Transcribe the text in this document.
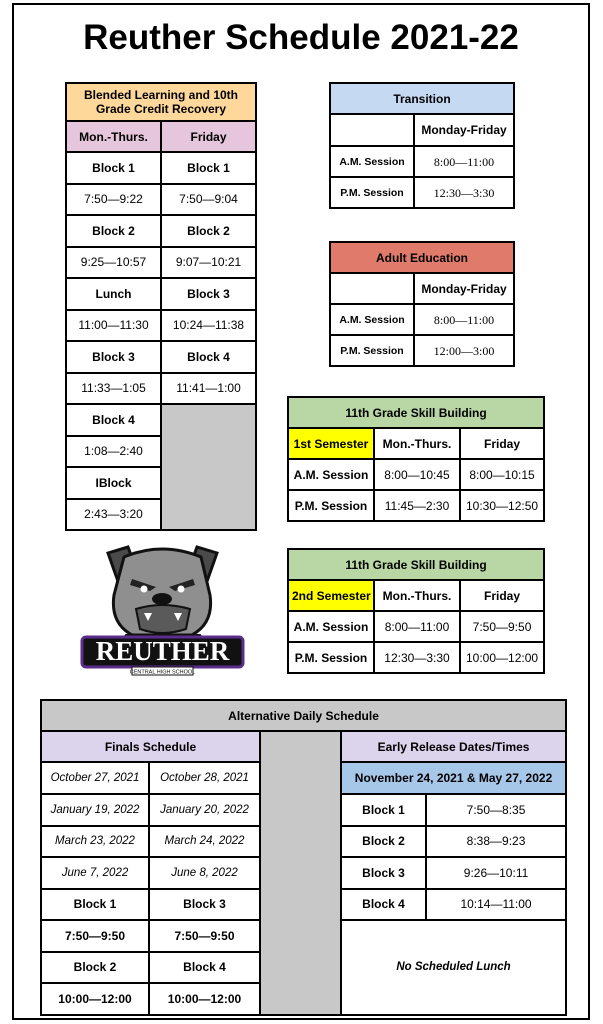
Reuther Schedule 2021-22
Blended Learning and 10th Grade Credit Recovery	
Mon.-Thurs.	Friday
Block 1	Block 1
7:50—9:22	7:50—9:04
Block 2	Block 2
9:25—10:57	9:07—10:21
Lunch	Block 3
11:00—11:30	10:24—11:38
Block 3	Block 4
11:33—1:05	11:41—1:00
Block 4	
1:08—2:40	
IBlock	
2:43—3:20	
Transition	
	Monday-Friday
A.M. Session	8:00—11:00
P.M. Session	12:30—3:30
Adult Education	
	Monday-Friday
A.M. Session	8:00—11:00
P.M. Session	12:00—3:00
11th Grade Skill Building		
1st Semester	Mon.-Thurs.	Friday
A.M. Session	8:00—10:45	8:00—10:15
P.M. Session	11:45—2:30	10:30—12:50
11th Grade Skill Building		
2nd Semester	Mon.-Thurs.	Friday
A.M. Session	8:00—11:00	7:50—9:50
P.M. Session	12:30—3:30	10:00—12:00
REUTHER
CENTRAL HIGH SCHOOL
Alternative Daily Schedule				
Finals Schedule			Early Release Dates/Times	
October 27, 2021	October 28, 2021		November 24, 2021 & May 27, 2022	
January 19, 2022	January 20, 2022		Block 1	7:50—8:35
March 23, 2022	March 24, 2022		Block 2	8:38—9:23
June 7, 2022	June 8, 2022		Block 3	9:26—10:11
Block 1	Block 3		Block 4	10:14—11:00
7:50—9:50	7:50—9:50		No Scheduled Lunch	
Block 2	Block 4			
10:00—12:00	10:00—12:00			
